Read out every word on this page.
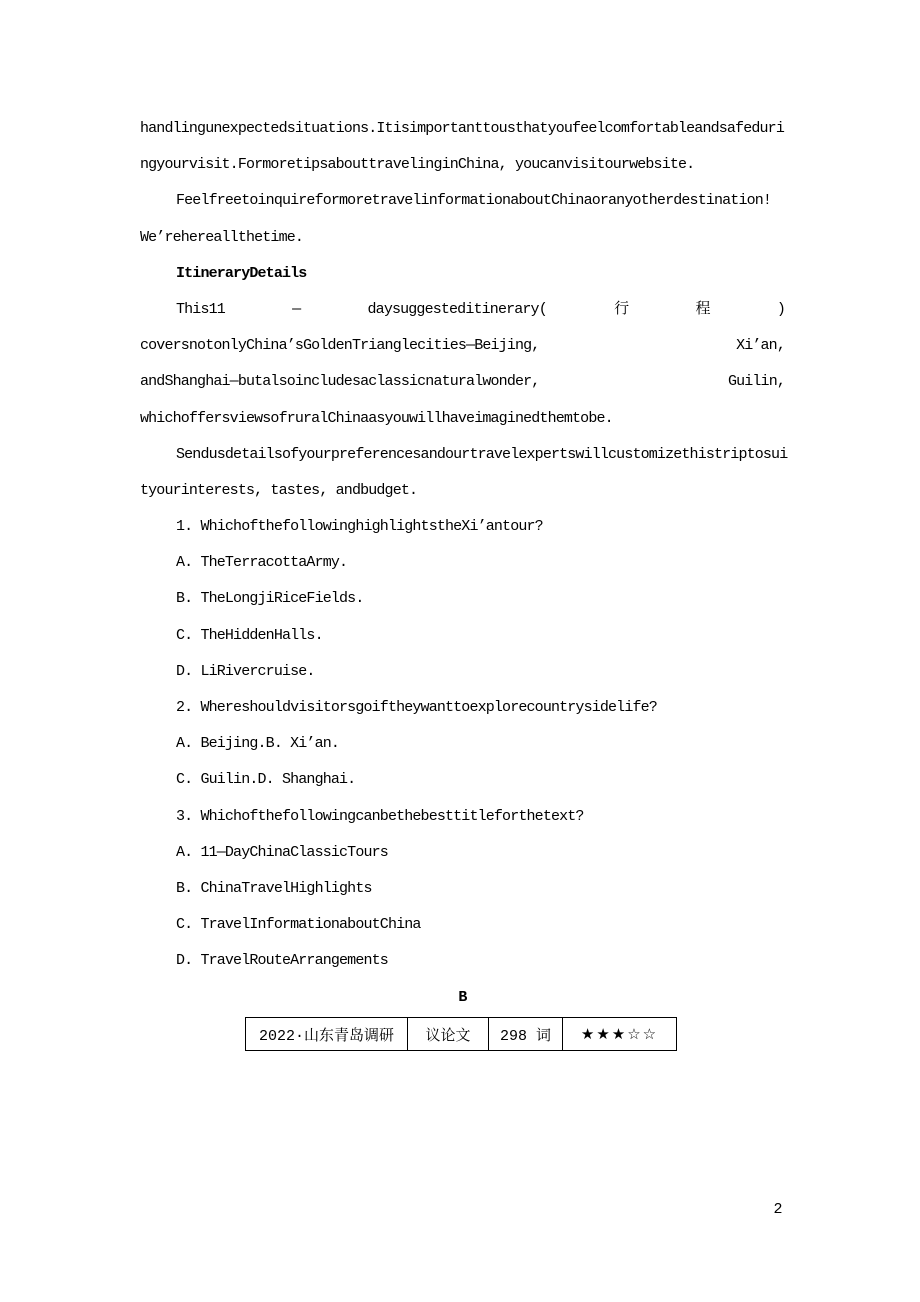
handlingunexpectedsituations.Itisimportanttousthatyoufeelcomfortableandsafeduri
ngyourvisit.FormoretipsabouttravelinginChina, youcanvisitourwebsite.
FeelfreetoinquireformoretravelinformationaboutChinaoranyotherdestination!
We’rehereallthetime.
ItineraryDetails
This11	—	daysuggesteditinerary(	行	程	)
coversnotonlyChina’sGoldenTrianglecities—Beijing,	Xi’an,
andShanghai—butalsoincludesaclassicnaturalwonder,	Guilin,
whichoffersviewsofruralChinaasyouwillhaveimaginedthemtobe.
Sendusdetailsofyourpreferencesandourtravelexpertswillcustomizethistriptosui
tyourinterests, tastes, andbudget.
1. WhichofthefollowinghighlightstheXi’antour?
A. TheTerracottaArmy.
B. TheLongjiRiceFields.
C. TheHiddenHalls.
D. LiRivercruise.
2. Whereshouldvisitorsgoiftheywanttoexplorecountrysidelife?
A. Beijing.B. Xi’an.
C. Guilin.D. Shanghai.
3. Whichofthefollowingcanbethebesttitleforthetext?
A. 11—DayChinaClassicTours
B. ChinaTravelHighlights
C. TravelInformationaboutChina
D. TravelRouteArrangements
B
2022·山东青岛调研	议论文	298 词	★★★☆☆
2
